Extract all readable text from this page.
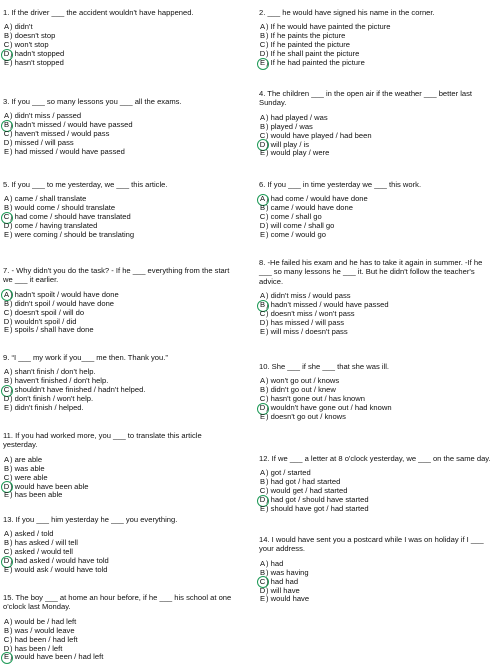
1. If the driver ___ the accident wouldn't have happened.

A) didn't
B) doesn't stop
C) won't stop
D) hadn't stopped
E) hasn't stopped

3. If you ___ so many lessons you ___ all the exams.

A) didn't miss / passed
B) hadn't missed / would have passed
C) haven't missed / would pass
D) missed / will pass
E) had missed / would have passed

5. If you ___ to me yesterday, we ___ this article.

A) came / shall translate
B) would come / should translate
C) had come / should have translated
D) come / having translated
E) were coming / should be translating

7. - Why didn't you do the task? - If he ___ everything from the start we ___ it earlier.

A) hadn't spoilt / would have done
B) didn't spoil / would have done
C) doesn't spoil / will do
D) wouldn't spoil / did
E) spoils / shall have done

9. “I ___ my work if you___ me then. Thank you.”

A) shan't finish / don't help.
B) haven't finished / don't help.
C) shouldn't have finished / hadn't helped.
D) don't finish / won't help.
E) didn't finish / helped.

11. If you had worked more, you ___ to translate this article yesterday.

A) are able
B) was able
C) were able
D) would have been able
E) has been able

13. If you ___ him yesterday he ___ you everything.

A) asked / told
B) has asked / will tell
C) asked / would tell
D) had asked / would have told
E) would ask / would have told

15. The boy ___ at home an hour before, if he ___ his school at one o'clock last Monday.

A) would be / had left
B) was / would leave
C) had been / had left
D) has been / left
E) would have been / had left

2. ___ he would have signed his name in the corner.

A) If he would have painted the picture
B) If he paints the picture
C) If he painted the picture
D) If he shall paint the picture
E) If he had painted the picture

4. The children ___ in the open air if the weather ___ better last Sunday.

A) had played / was
B) played / was
C) would have played / had been
D) will play / is
E) would play / were

6. If you ___ in time yesterday we ___ this work.

A) had come / would have done
B) came / would have done
C) come / shall go
D) will come / shall go
E) come / would go

8. -He failed his exam and he has to take it again in summer. -If he ___ so many lessons he ___ it. But he didn't follow the teacher's advice.

A) didn't miss / would pass
B) hadn't missed / would have passed
C) doesn't miss / won't pass
D) has missed / will pass
E) will miss / doesn't pass

10. She ___ if she ___ that she was ill.

A) won't go out / knows
B) didn't go out / knew
C) hasn't gone out / has known
D) wouldn't have gone out / had known
E) doesn't go out / knows

12. If we ___ a letter at 8 o'clock yesterday, we ___ on the same day.

A) got / started
B) had got / had started
C) would get / had started
D) had got / should have started
E) should have got / had started

14. I would have sent you a postcard while I was on holiday if I ___ your address.

A) had
B) was having
C) had had
D) will have
E) would have
